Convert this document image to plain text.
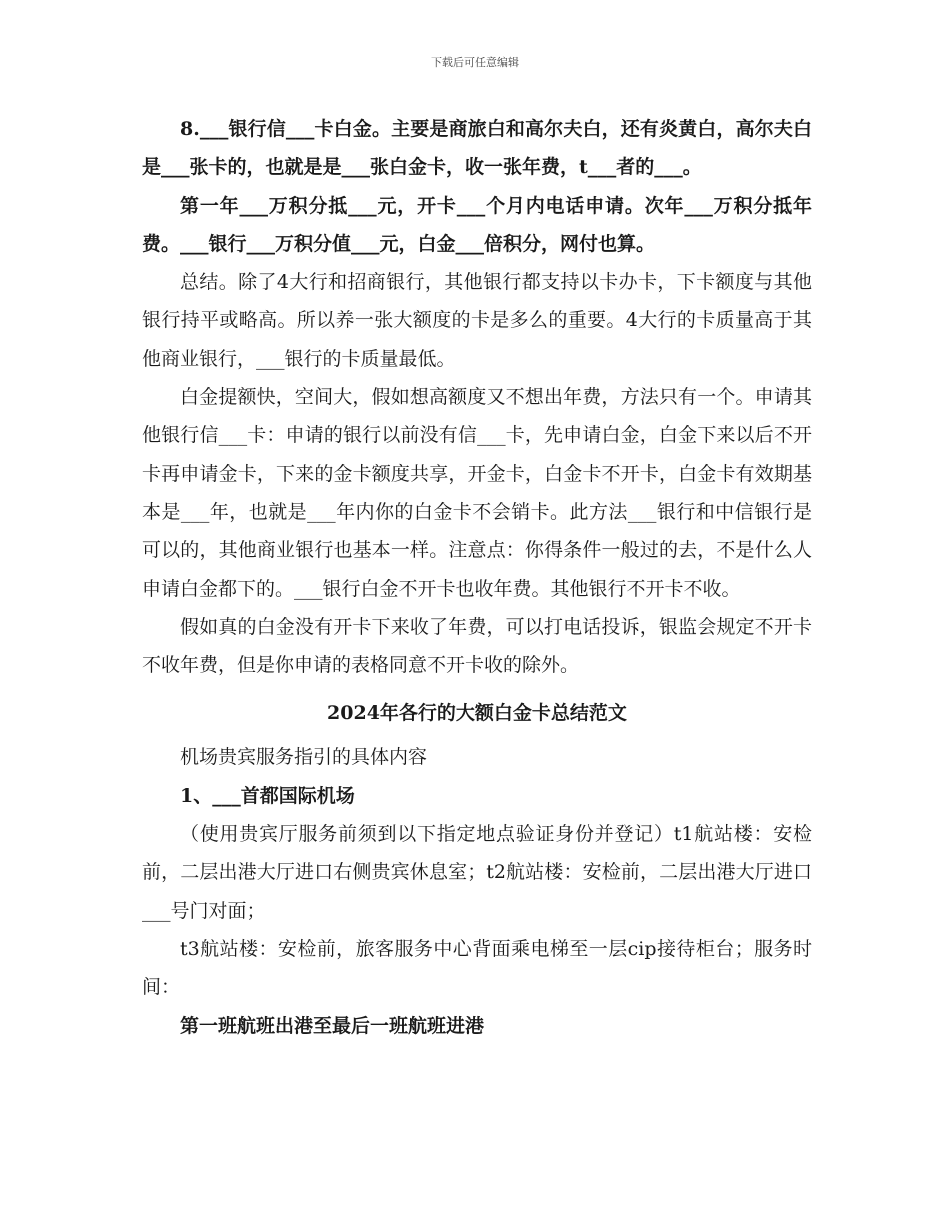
下载后可任意编辑

8.___银行信___卡白金。主要是商旅白和高尔夫白，还有炎黄白，高尔夫白是___张卡的，也就是是___张白金卡，收一张年费，t___者的___。

第一年___万积分抵___元，开卡___个月内电话申请。次年___万积分抵年费。___银行___万积分值___元，白金___倍积分，网付也算。

总结。除了4大行和招商银行，其他银行都支持以卡办卡，下卡额度与其他银行持平或略高。所以养一张大额度的卡是多么的重要。4大行的卡质量高于其他商业银行，___银行的卡质量最低。

白金提额快，空间大，假如想高额度又不想出年费，方法只有一个。申请其他银行信___卡：申请的银行以前没有信___卡，先申请白金，白金下来以后不开卡再申请金卡，下来的金卡额度共享，开金卡，白金卡不开卡，白金卡有效期基本是___年，也就是___年内你的白金卡不会销卡。此方法___银行和中信银行是可以的，其他商业银行也基本一样。注意点：你得条件一般过的去，不是什么人申请白金都下的。___银行白金不开卡也收年费。其他银行不开卡不收。

假如真的白金没有开卡下来收了年费，可以打电话投诉，银监会规定不开卡不收年费，但是你申请的表格同意不开卡收的除外。

2024年各行的大额白金卡总结范文

机场贵宾服务指引的具体内容

1、___首都国际机场

（使用贵宾厅服务前须到以下指定地点验证身份并登记）t1航站楼：安检前，二层出港大厅进口右侧贵宾休息室；t2航站楼：安检前，二层出港大厅进口___号门对面；

t3航站楼：安检前，旅客服务中心背面乘电梯至一层cip接待柜台；服务时间：

第一班航班出港至最后一班航班进港
